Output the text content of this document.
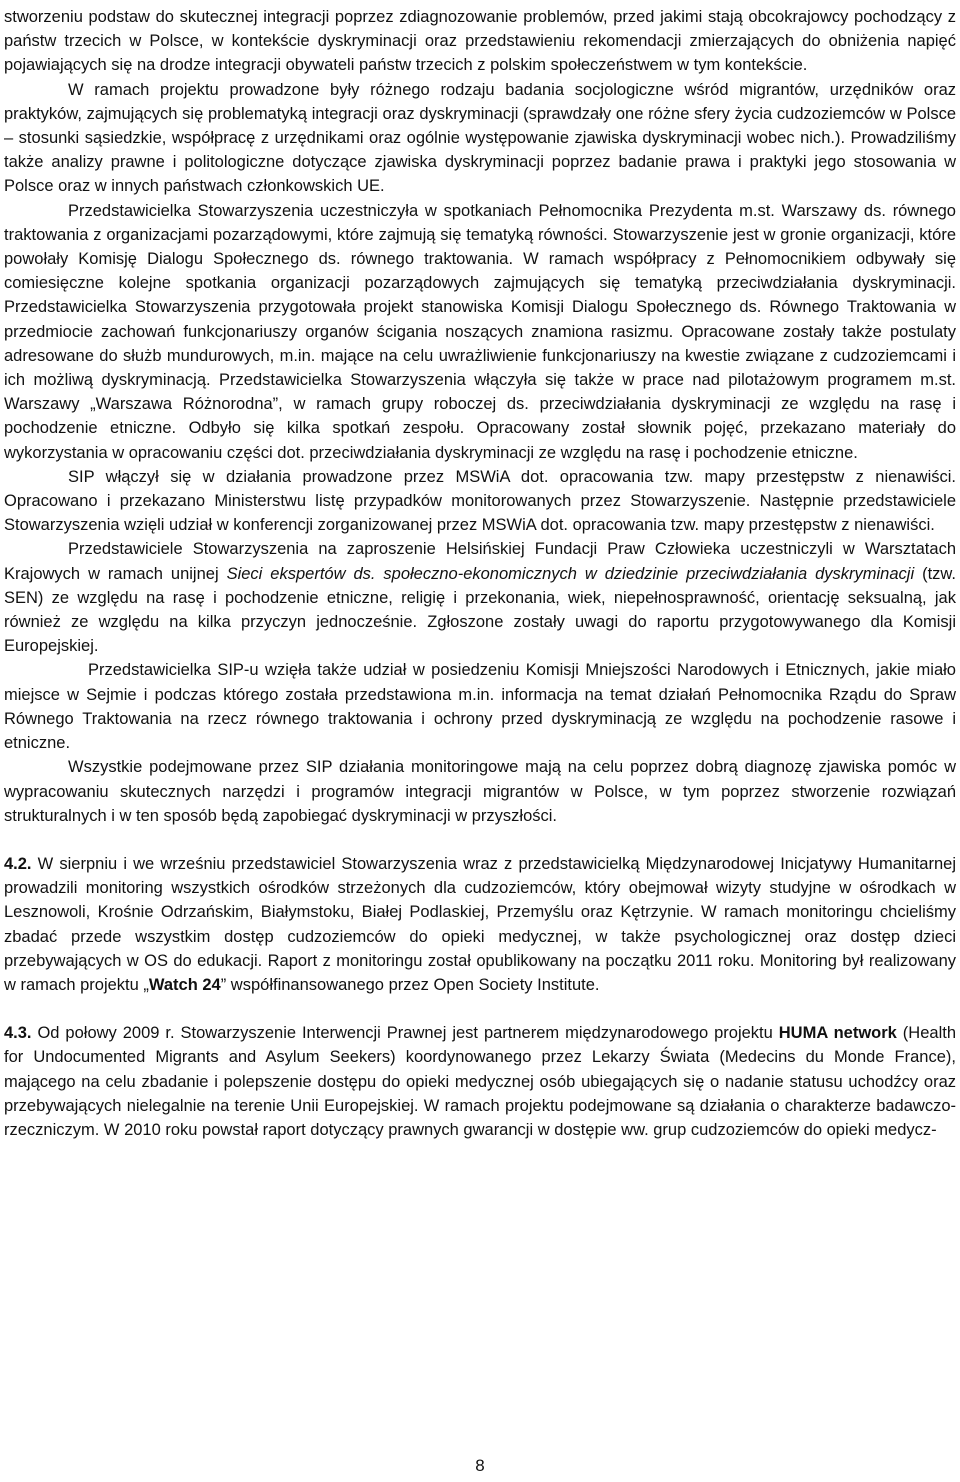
stworzeniu podstaw do skutecznej integracji poprzez zdiagnozowanie problemów, przed jakimi stają obcokrajowcy pochodzący z państw trzecich w Polsce, w kontekście dyskryminacji oraz przedstawieniu rekomendacji zmierzających do obniżenia napięć pojawiających się na drodze integracji obywateli państw trzecich z polskim społeczeństwem w tym kontekście.

W ramach projektu prowadzone były różnego rodzaju badania socjologiczne wśród migrantów, urzędników oraz praktyków, zajmujących się problematyką integracji oraz dyskryminacji (sprawdzały one różne sfery życia cudzoziemców w Polsce – stosunki sąsiedzkie, współpracę z urzędnikami oraz ogólnie występowanie zjawiska dyskryminacji wobec nich.). Prowadziliśmy także analizy prawne i politologiczne dotyczące zjawiska dyskryminacji poprzez badanie prawa i praktyki jego stosowania w Polsce oraz w innych państwach członkowskich UE.

Przedstawicielka Stowarzyszenia uczestniczyła w spotkaniach Pełnomocnika Prezydenta m.st. Warszawy ds. równego traktowania z organizacjami pozarządowymi, które zajmują się tematyką równości. Stowarzyszenie jest w gronie organizacji, które powołały Komisję Dialogu Społecznego ds. równego traktowania. W ramach współpracy z Pełnomocnikiem odbywały się comiesięczne kolejne spotkania organizacji pozarządowych zajmujących się tematyką przeciwdziałania dyskryminacji. Przedstawicielka Stowarzyszenia przygotowała projekt stanowiska Komisji Dialogu Społecznego ds. Równego Traktowania w przedmiocie zachowań funkcjonariuszy organów ścigania noszących znamiona rasizmu. Opracowane zostały także postulaty adresowane do służb mundurowych, m.in. mające na celu uwrażliwienie funkcjonariuszy na kwestie związane z cudzoziemcami i ich możliwą dyskryminacją. Przedstawicielka Stowarzyszenia włączyła się także w prace nad pilotażowym programem m.st. Warszawy „Warszawa Różnorodna”, w ramach grupy roboczej ds. przeciwdziałania dyskryminacji ze względu na rasę i pochodzenie etniczne. Odbyło się kilka spotkań zespołu. Opracowany został słownik pojęć, przekazano materiały do wykorzystania w opracowaniu części dot. przeciwdziałania dyskryminacji ze względu na rasę i pochodzenie etniczne.

SIP włączył się w działania prowadzone przez MSWiA dot. opracowania tzw. mapy przestępstw z nienawiści. Opracowano i przekazano Ministerstwu listę przypadków monitorowanych przez Stowarzyszenie. Następnie przedstawiciele Stowarzyszenia wzięli udział w konferencji zorganizowanej przez MSWiA dot. opracowania tzw. mapy przestępstw z nienawiści.

Przedstawiciele Stowarzyszenia na zaproszenie Helsińskiej Fundacji Praw Człowieka uczestniczyli w Warsztatach Krajowych w ramach unijnej Sieci ekspertów ds. społeczno-ekonomicznych w dziedzinie przeciwdziałania dyskryminacji (tzw. SEN) ze względu na rasę i pochodzenie etniczne, religię i przekonania, wiek, niepełnosprawność, orientację seksualną, jak również ze względu na kilka przyczyn jednocześnie. Zgłoszone zostały uwagi do raportu przygotowywanego dla Komisji Europejskiej.

Przedstawicielka SIP-u wzięła także udział w posiedzeniu Komisji Mniejszości Narodowych i Etnicznych, jakie miało miejsce w Sejmie i podczas którego została przedstawiona m.in. informacja na temat działań Pełnomocnika Rządu do Spraw Równego Traktowania na rzecz równego traktowania i ochrony przed dyskryminacją ze względu na pochodzenie rasowe i etniczne.

Wszystkie podejmowane przez SIP działania monitoringowe mają na celu poprzez dobrą diagnozę zjawiska pomóc w wypracowaniu skutecznych narzędzi i programów integracji migrantów w Polsce, w tym poprzez stworzenie rozwiązań strukturalnych i w ten sposób będą zapobiegać dyskryminacji w przyszłości.

4.2. W sierpniu i we wrześniu przedstawiciel Stowarzyszenia wraz z przedstawicielką Międzynarodowej Inicjatywy Humanitarnej prowadzili monitoring wszystkich ośrodków strzeżonych dla cudzoziemców, który obejmował wizyty studyjne w ośrodkach w Lesznowoli, Krośnie Odrzańskim, Białymstoku, Białej Podlaskiej, Przemyślu oraz Kętrzynie. W ramach monitoringu chcieliśmy zbadać przede wszystkim dostęp cudzoziemców do opieki medycznej, w także psychologicznej oraz dostęp dzieci przebywających w OS do edukacji. Raport z monitoringu został opublikowany na początku 2011 roku. Monitoring był realizowany w ramach projektu „Watch 24” współfinansowanego przez Open Society Institute.

4.3. Od połowy 2009 r. Stowarzyszenie Interwencji Prawnej jest partnerem międzynarodowego projektu HUMA network (Health for Undocumented Migrants and Asylum Seekers) koordynowanego przez Lekarzy Świata (Medecins du Monde France), mającego na celu zbadanie i polepszenie dostępu do opieki medycznej osób ubiegających się o nadanie statusu uchodźcy oraz przebywających nielegalnie na terenie Unii Europejskiej. W ramach projektu podejmowane są działania o charakterze badawczo-rzeczniczym. W 2010 roku powstał raport dotyczący prawnych gwarancji w dostępie ww. grup cudzoziemców do opieki medycz-

8
